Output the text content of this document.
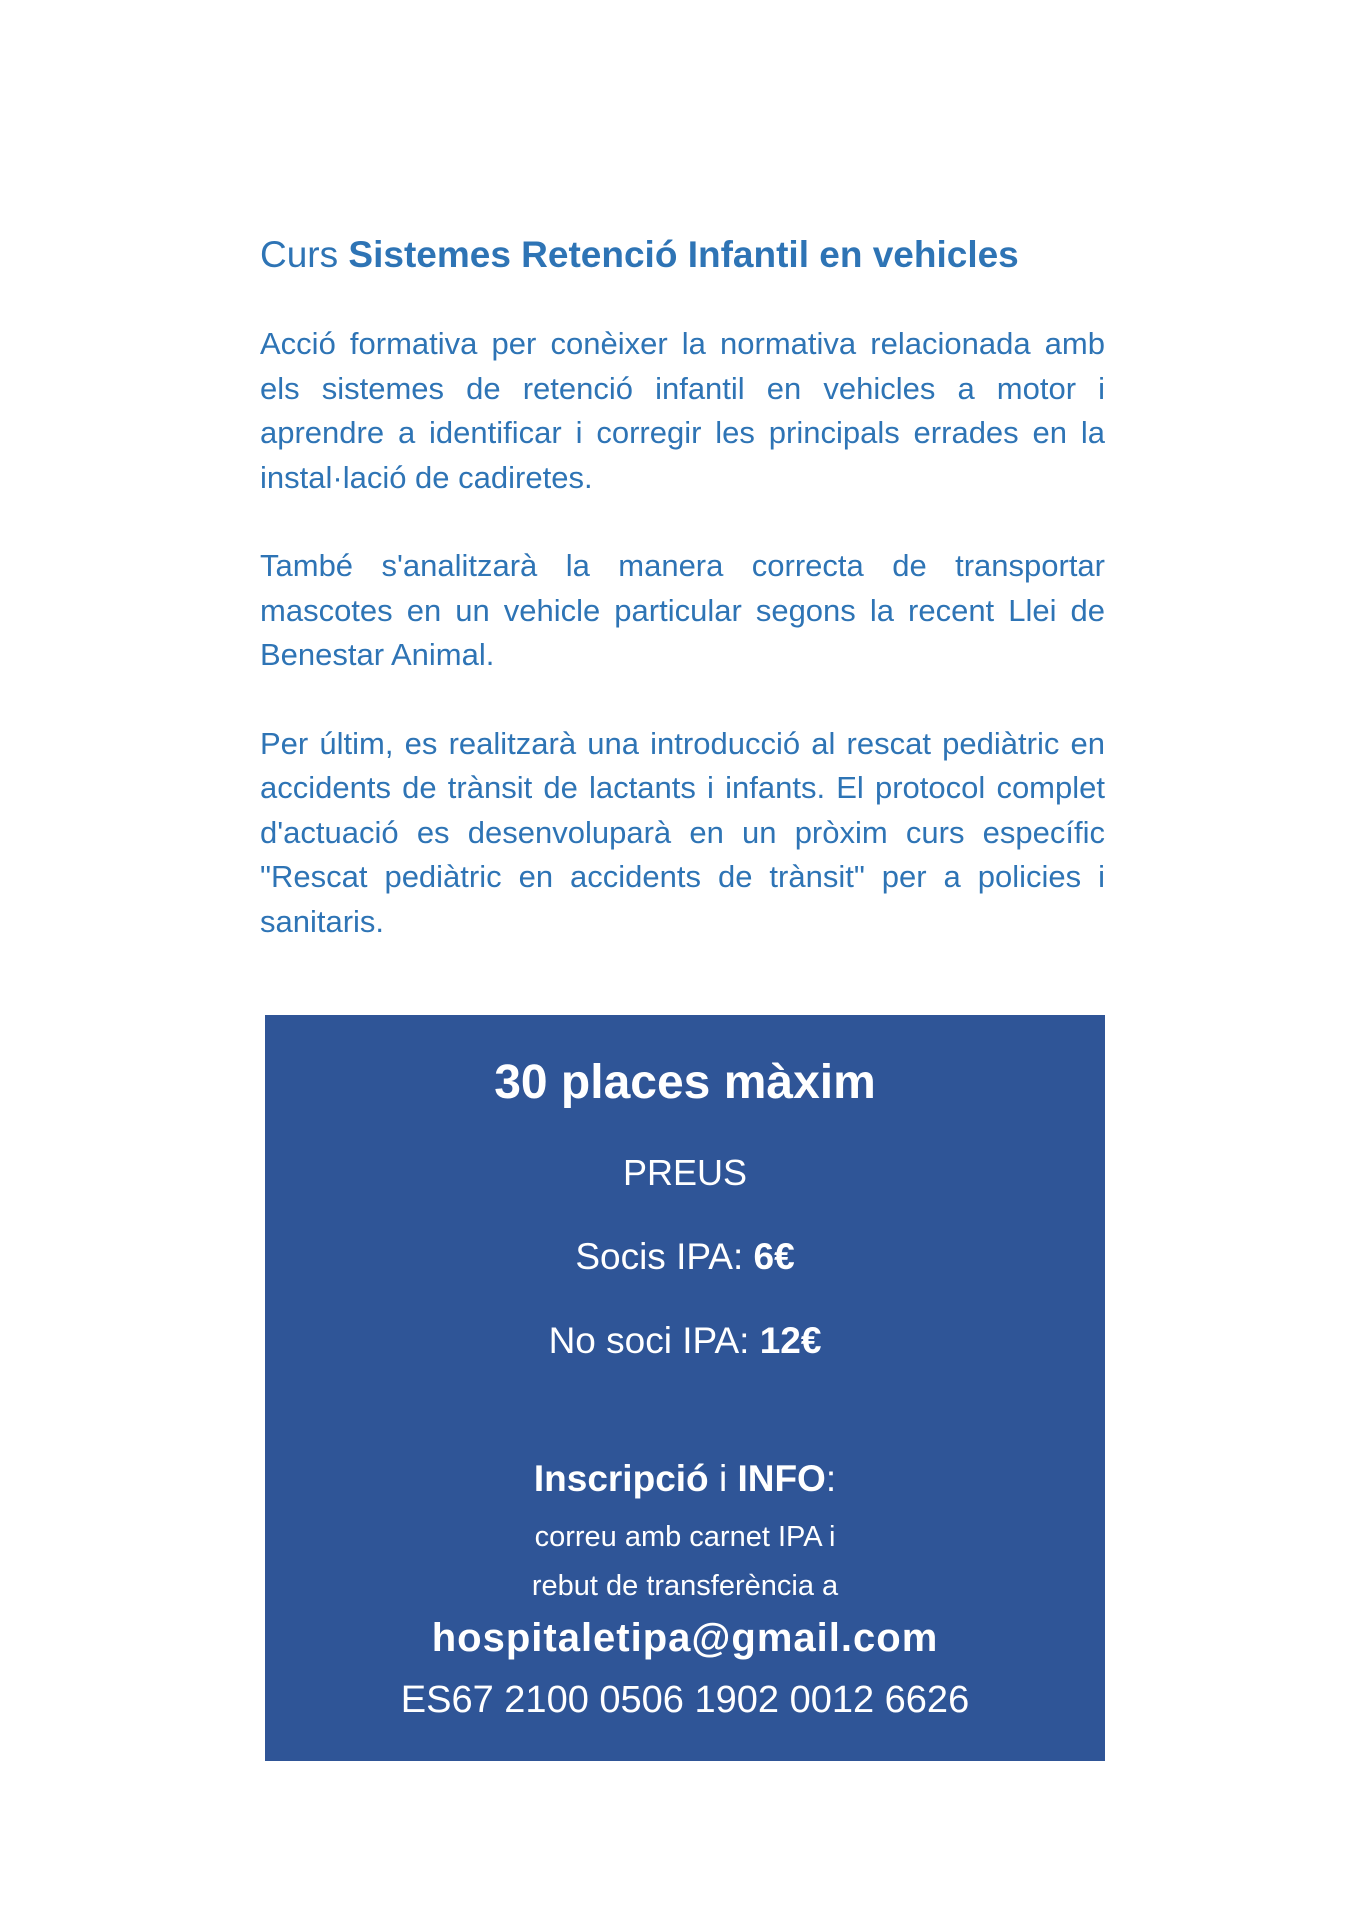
Curs Sistemes Retenció Infantil en vehicles

Acció formativa per conèixer la normativa relacionada amb els sistemes de retenció infantil en vehicles a motor i aprendre a identificar i corregir les principals errades en la instal·lació de cadiretes.

També s'analitzarà la manera correcta de transportar mascotes en un vehicle particular segons la recent Llei de Benestar Animal.

Per últim, es realitzarà una introducció al rescat pediàtric en accidents de trànsit de lactants i infants. El protocol complet d'actuació es desenvoluparà en un pròxim curs específic "Rescat pediàtric en accidents de trànsit" per a policies i sanitaris.

30 places màxim
PREUS
Socis IPA: 6€
No soci IPA: 12€
Inscripció i INFO:
correu amb carnet IPA i
rebut de transferència a
hospitaletipa@gmail.com
ES67 2100 0506 1902 0012 6626
